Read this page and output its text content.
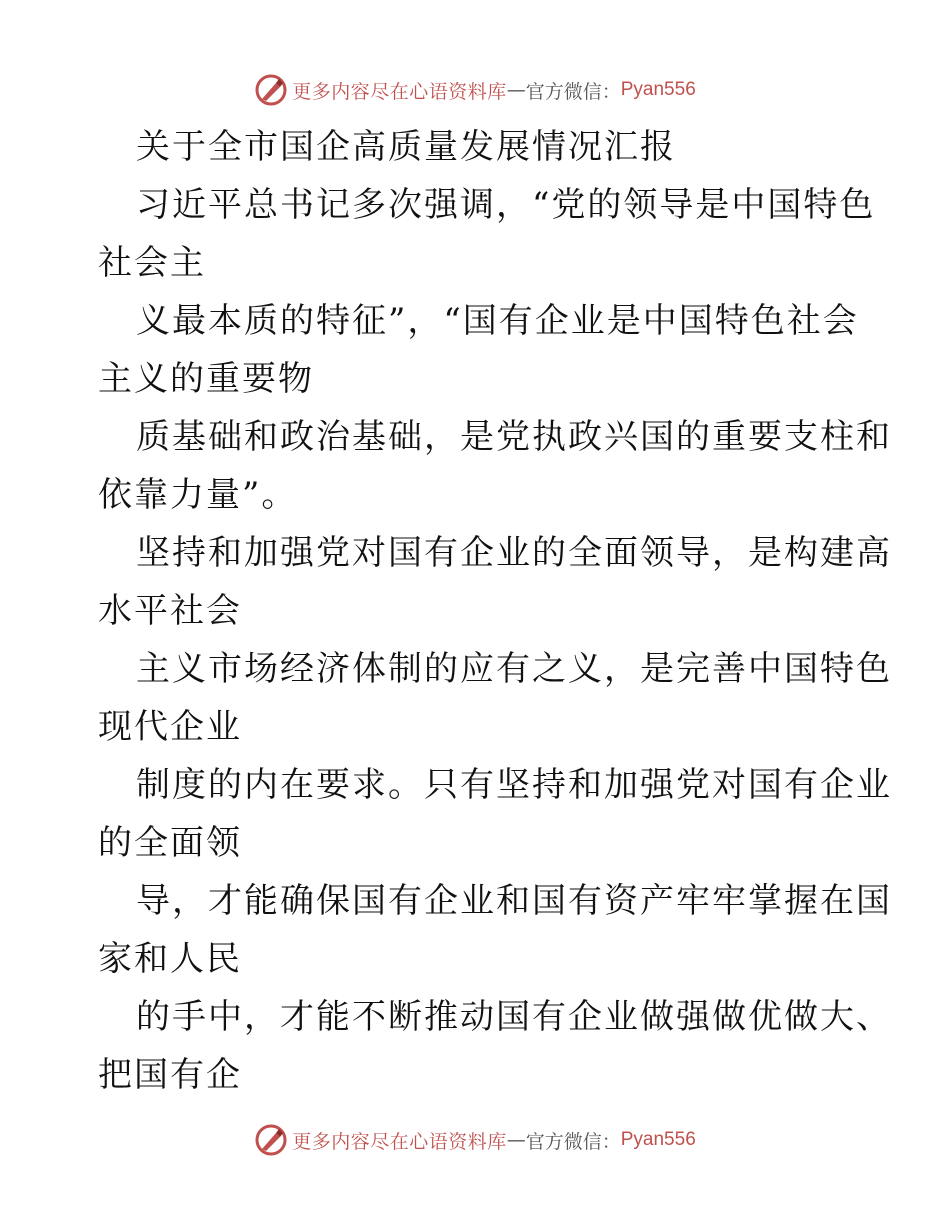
更多内容尽在心语资料库 — 官方微信： Pyan556
关于全市国企高质量发展情况汇报
习近平总书记多次强调，“党的领导是中国特色
社会主
义最本质的特征”，“国有企业是中国特色社会
主义的重要物
质基础和政治基础，是党执政兴国的重要支柱和
依靠力量”。
坚持和加强党对国有企业的全面领导，是构建高
水平社会
主义市场经济体制的应有之义，是完善中国特色
现代企业
制度的内在要求。只有坚持和加强党对国有企业
的全面领
导，才能确保国有企业和国有资产牢牢掌握在国
家和人民
的手中，才能不断推动国有企业做强做优做大、
把国有企
更多内容尽在心语资料库 — 官方微信： Pyan556
